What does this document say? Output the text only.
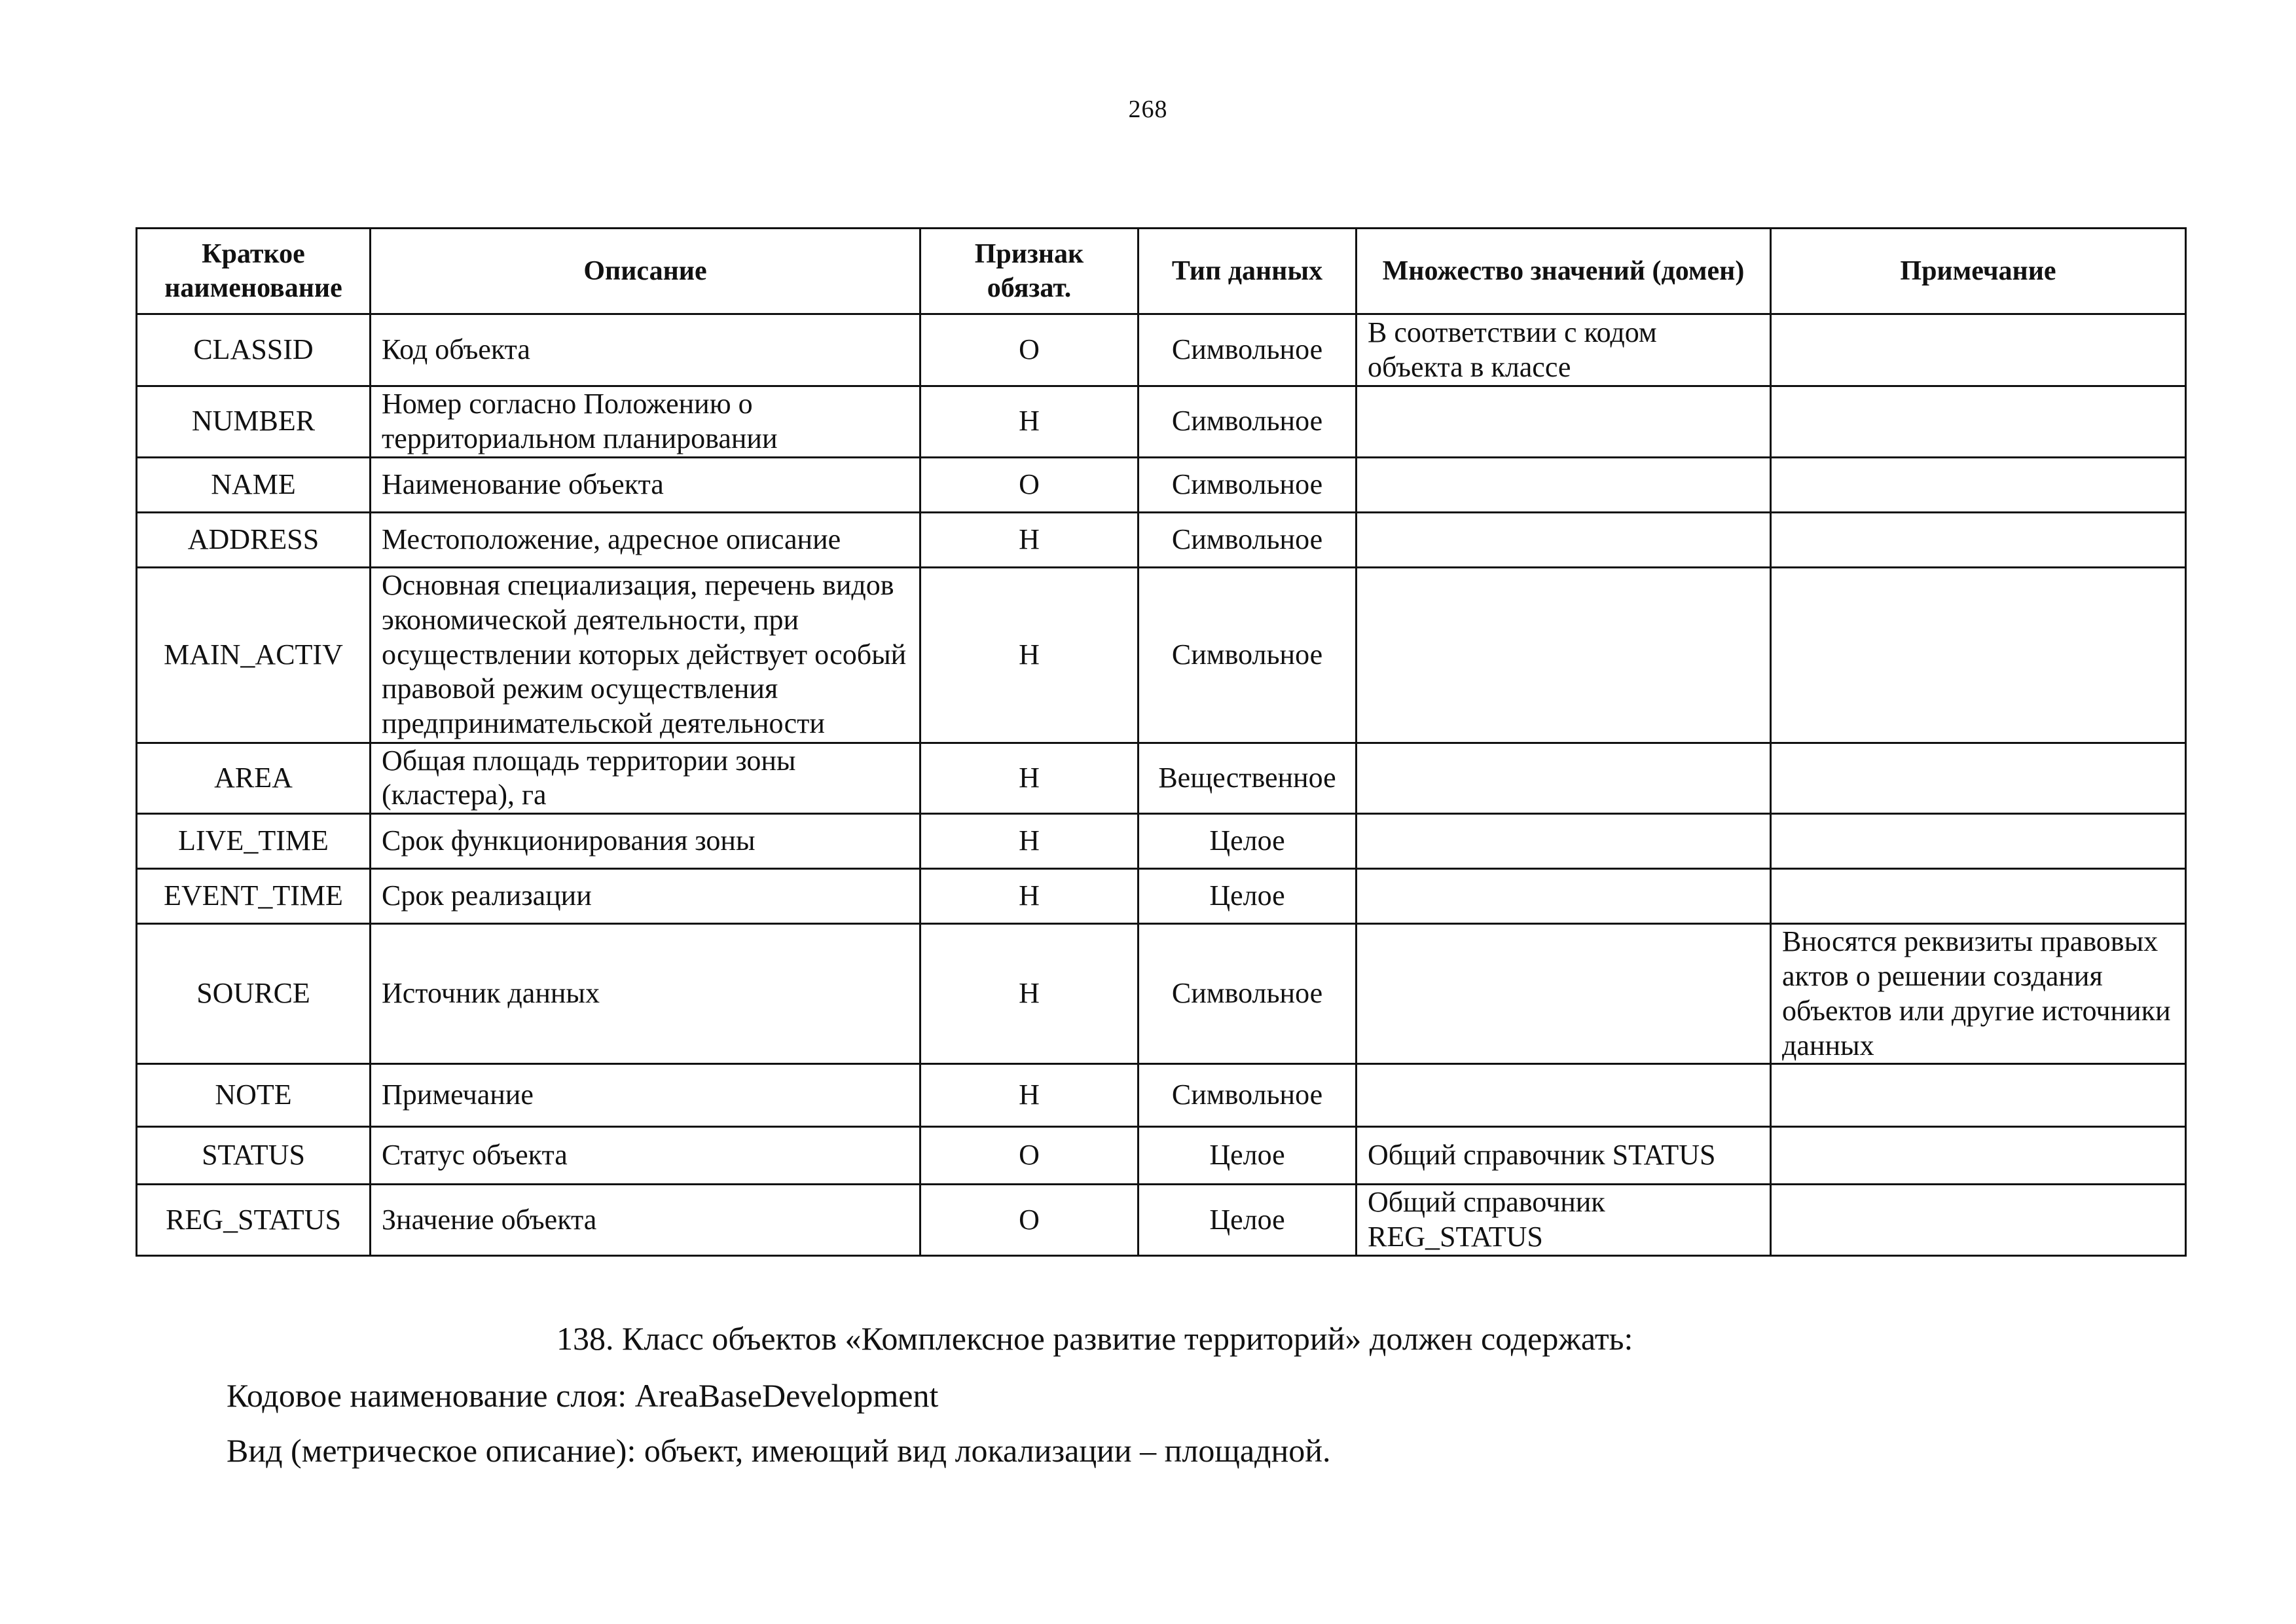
268
Краткое наименование	Описание	Признак обязат.	Тип данных	Множество значений (домен)	Примечание
CLASSID	Код объекта	О	Символьное	В соответствии с кодом объекта в классе	
NUMBER	Номер согласно Положению о территориальном планировании	Н	Символьное		
NAME	Наименование объекта	О	Символьное		
ADDRESS	Местоположение, адресное описание	Н	Символьное		
MAIN_ACTIV	Основная специализация, перечень видов экономической деятельности, при осуществлении которых действует особый правовой режим осуществления предпринимательской деятельности	Н	Символьное		
AREA	Общая площадь территории зоны (кластера), га	Н	Вещественное		
LIVE_TIME	Срок функционирования зоны	Н	Целое		
EVENT_TIME	Срок реализации	Н	Целое		
SOURCE	Источник данных	Н	Символьное		Вносятся реквизиты правовых актов о решении создания объектов или другие источники данных
NOTE	Примечание	Н	Символьное		
STATUS	Статус объекта	О	Целое	Общий справочник STATUS	
REG_STATUS	Значение объекта	О	Целое	Общий справочник REG_STATUS	
138. Класс объектов «Комплексное развитие территорий» должен содержать:
Кодовое наименование слоя: AreaBaseDevelopment
Вид (метрическое описание): объект, имеющий вид локализации – площадной.
